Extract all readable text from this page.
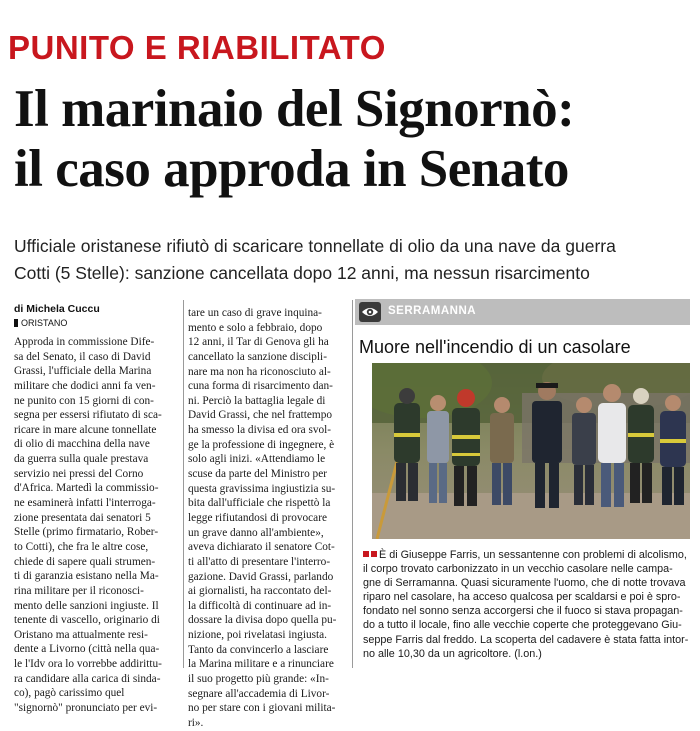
PUNITO E RIABILITATO
Il marinaio del Signornò:
il caso approda in Senato
Ufficiale oristanese rifiutò di scaricare tonnellate di olio da una nave da guerra
Cotti (5 Stelle): sanzione cancellata dopo 12 anni, ma nessun risarcimento
di Michela Cuccu
ORISTANO
Approda in commissione Dife-
sa del Senato, il caso di David
Grassi, l'ufficiale della Marina
militare che dodici anni fa ven-
ne punito con 15 giorni di con-
segna per essersi rifiutato di sca-
ricare in mare alcune tonnellate
di olio di macchina della nave
da guerra sulla quale prestava
servizio nei pressi del Corno
d'Africa. Martedì la commissio-
ne esaminerà infatti l'interroga-
zione presentata dai senatori 5
Stelle (primo firmatario, Rober-
to Cotti), che fra le altre cose,
chiede di sapere quali strumen-
ti di garanzia esistano nella Ma-
rina militare per il riconosci-
mento delle sanzioni ingiuste. Il
tenente di vascello, originario di
Oristano ma attualmente resi-
dente a Livorno (città nella qua-
le l'Idv ora lo vorrebbe addirittu-
ra candidare alla carica di sinda-
co), pagò carissimo quel
"signornò" pronunciato per evi-
tare un caso di grave inquina-
mento e solo a febbraio, dopo
12 anni, il Tar di Genova gli ha
cancellato la sanzione discipli-
nare ma non ha riconosciuto al-
cuna forma di risarcimento dan-
ni. Perciò la battaglia legale di
David Grassi, che nel frattempo
ha smesso la divisa ed ora svol-
ge la professione di ingegnere, è
solo agli inizi. «Attendiamo le
scuse da parte del Ministro per
questa gravissima ingiustizia su-
bita dall'ufficiale che rispettò la
legge rifiutandosi di provocare
un grave danno all'ambiente»,
aveva dichiarato il senatore Cot-
ti all'atto di presentare l'interro-
gazione. David Grassi, parlando
ai giornalisti, ha raccontato del-
la difficoltà di continuare ad in-
dossare la divisa dopo quella pu-
nizione, poi rivelatasi ingiusta.
Tanto da convincerlo a lasciare
la Marina militare e a rinunciare
il suo progetto più grande: «In-
segnare all'accademia di Livor-
no per stare con i giovani milita-
ri».
SERRAMANNA
Muore nell'incendio di un casolare
È di Giuseppe Farris, un sessantenne con problemi di alcolismo,
il corpo trovato carbonizzato in un vecchio casolare nelle campa-
gne di Serramanna. Quasi sicuramente l'uomo, che di notte trovava
riparo nel casolare, ha acceso qualcosa per scaldarsi e poi è spro-
fondato nel sonno senza accorgersi che il fuoco si stava propagan-
do a tutto il locale, fino alle vecchie coperte che proteggevano Giu-
seppe Farris dal freddo. La scoperta del cadavere è stata fatta intor-
no alle 10,30 da un agricoltore. (l.on.)
